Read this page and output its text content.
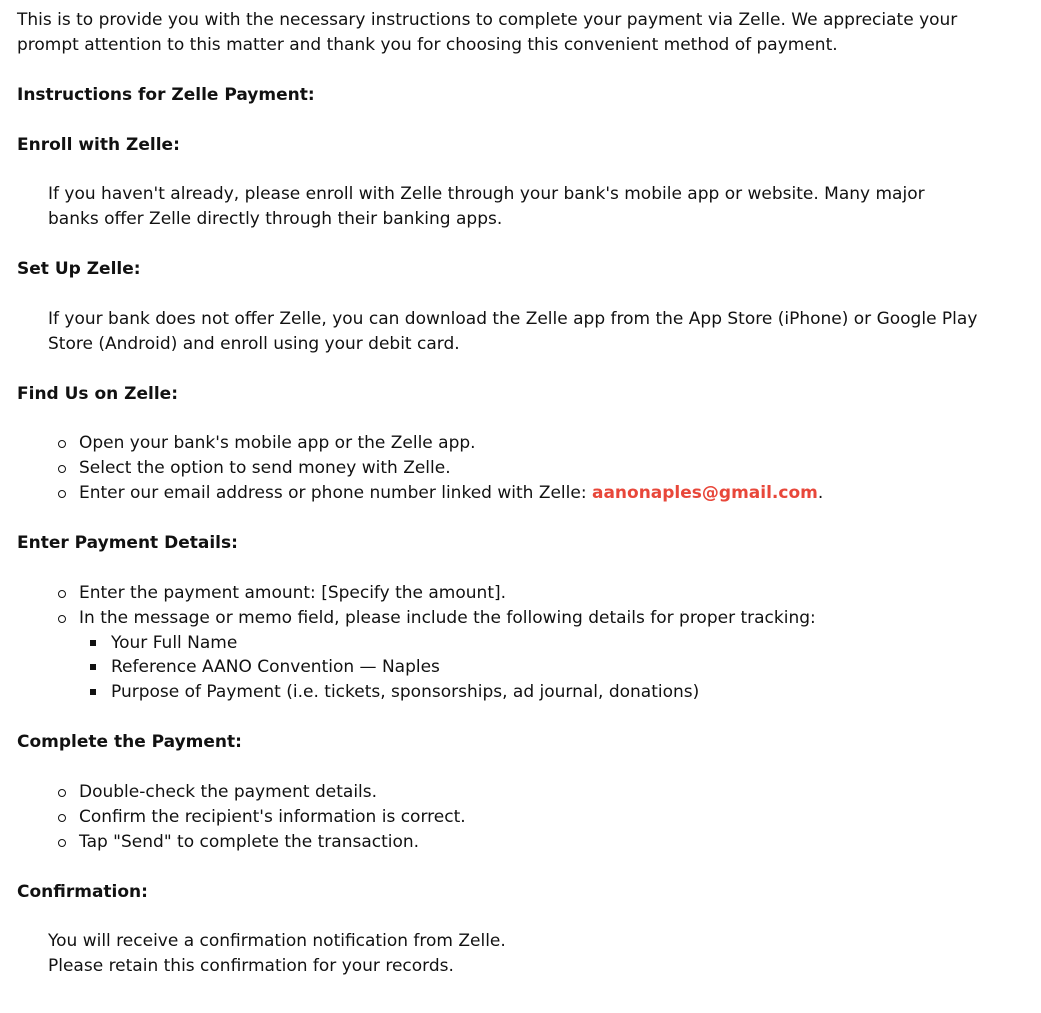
This is to provide you with the necessary instructions to complete your payment via Zelle. We appreciate your prompt attention to this matter and thank you for choosing this convenient method of payment.

Instructions for Zelle Payment:

Enroll with Zelle:

If you haven't already, please enroll with Zelle through your bank's mobile app or website. Many major banks offer Zelle directly through their banking apps.

Set Up Zelle:

If your bank does not offer Zelle, you can download the Zelle app from the App Store (iPhone) or Google Play Store (Android) and enroll using your debit card.

Find Us on Zelle:

Open your bank's mobile app or the Zelle app.
Select the option to send money with Zelle.
Enter our email address or phone number linked with Zelle: aanonaples@gmail.com.

Enter Payment Details:

Enter the payment amount: [Specify the amount].
In the message or memo field, please include the following details for proper tracking:
Your Full Name
Reference AANO Convention — Naples
Purpose of Payment (i.e. tickets, sponsorships, ad journal, donations)

Complete the Payment:

Double-check the payment details.
Confirm the recipient's information is correct.
Tap "Send" to complete the transaction.

Confirmation:

You will receive a confirmation notification from Zelle.

Please retain this confirmation for your records.
